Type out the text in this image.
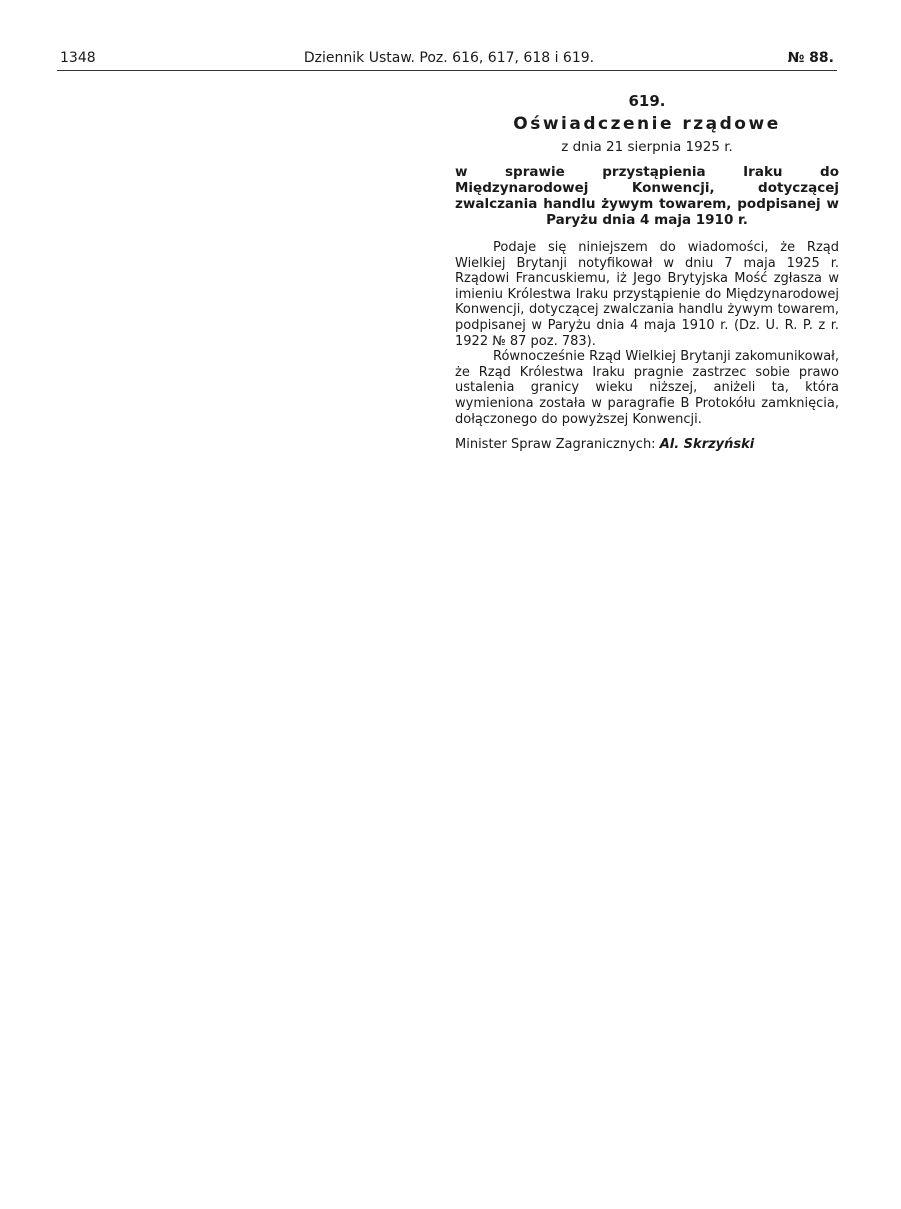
1348	Dziennik Ustaw. Poz. 616, 617, 618 i 619.	№ 88.
619.
Oświadczenie rządowe
z dnia 21 sierpnia 1925 r.
w sprawie przystąpienia Iraku do Międzynarodowej Konwencji, dotyczącej zwalczania handlu żywym towarem, podpisanej w Paryżu dnia 4 maja 1910 r.

Podaje się niniejszem do wiadomości, że Rząd Wielkiej Brytanji notyfikował w dniu 7 maja 1925 r. Rządowi Francuskiemu, iż Jego Brytyjska Mość zgłasza w imieniu Królestwa Iraku przystąpienie do Międzynarodowej Konwencji, dotyczącej zwalczania handlu żywym towarem, podpisanej w Paryżu dnia 4 maja 1910 r. (Dz. U. R. P. z r. 1922 № 87 poz. 783).

Równocześnie Rząd Wielkiej Brytanji zakomunikował, że Rząd Królestwa Iraku pragnie zastrzec sobie prawo ustalenia granicy wieku niższej, aniżeli ta, która wymieniona została w paragrafie B Protokółu zamknięcia, dołączonego do powyższej Konwencji.

Minister Spraw Zagranicznych: Al. Skrzyński
